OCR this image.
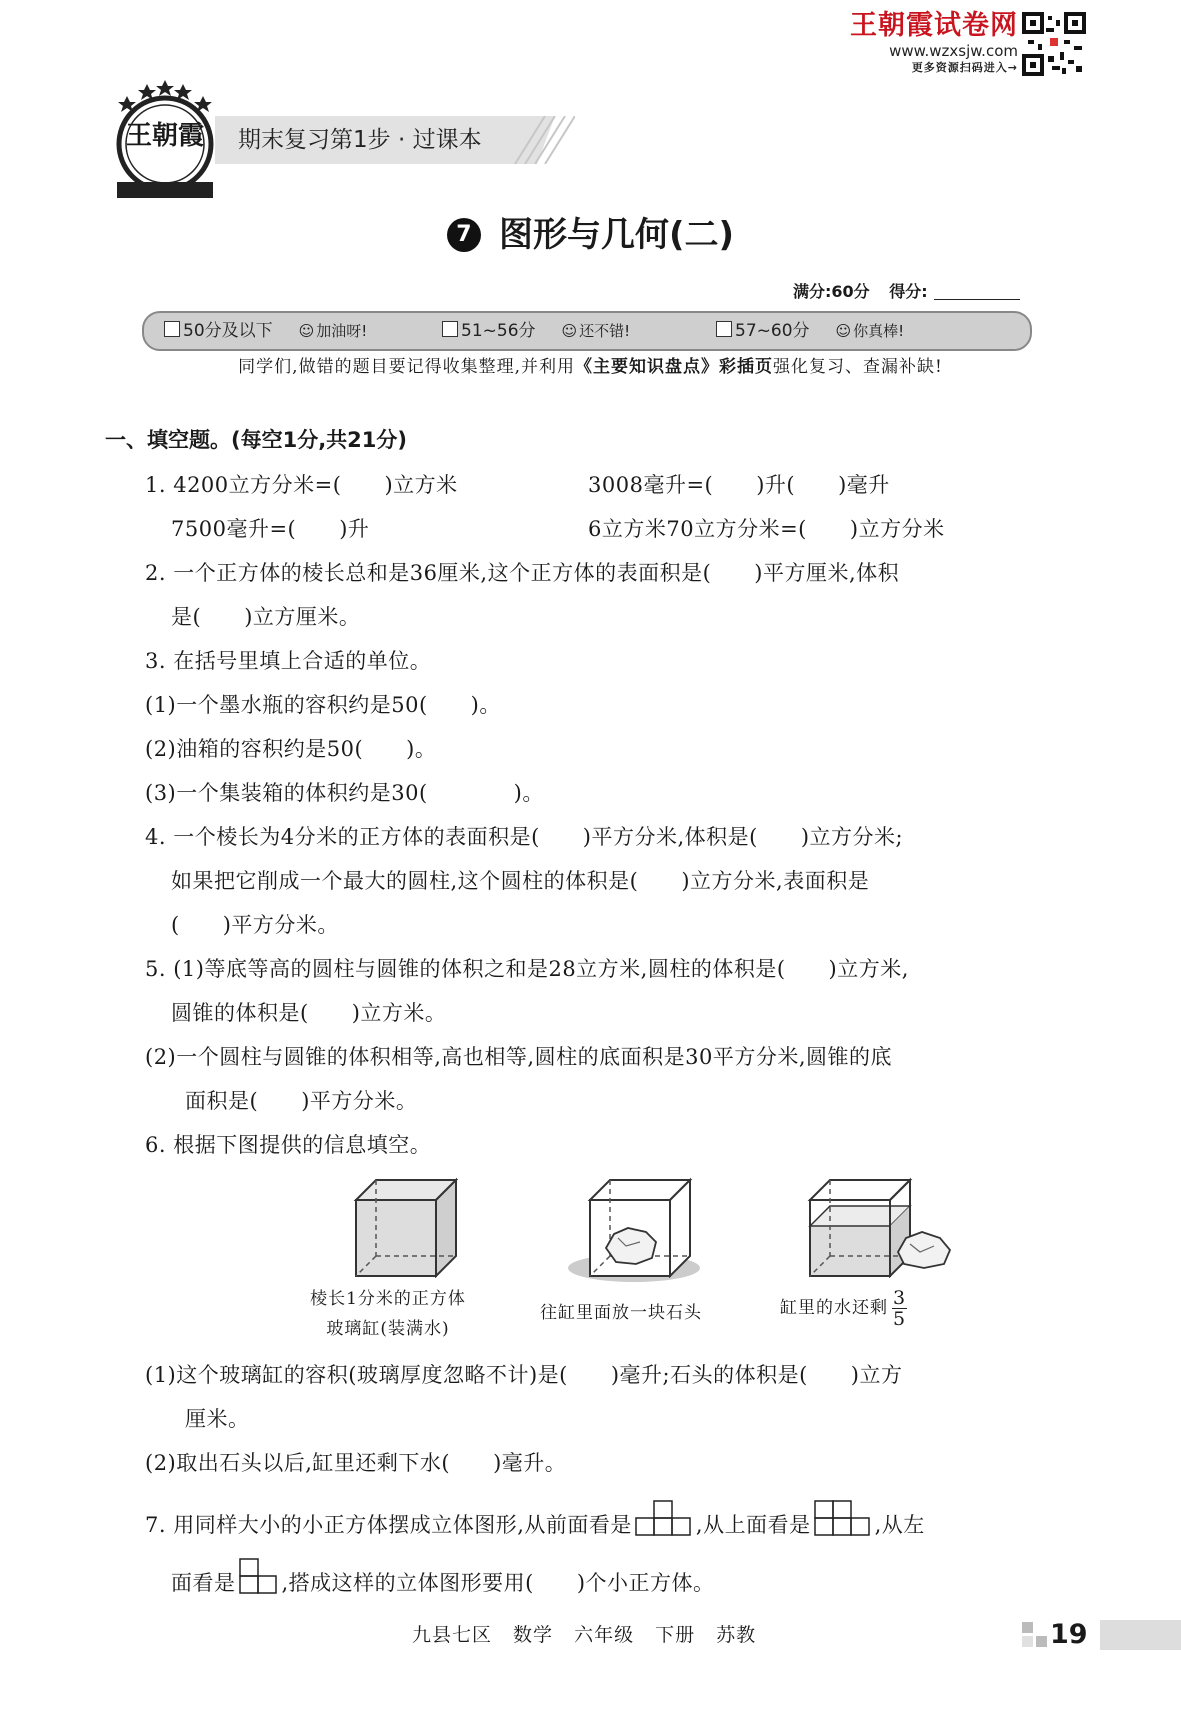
王朝霞试卷网
www.wzxsjw.com
更多资源扫码进入→
王朝霞 期末复习第1步 · 过课本
7 图形与几何(二)
满分:60分 得分:
50分及以下	☺ 加油呀!	51~56分	☺ 还不错!	57~60分	☺ 你真棒!
同学们,做错的题目要记得收集整理,并利用《主要知识盘点》彩插页强化复习、查漏补缺!
一、填空题。(每空1分,共21分)
1. 4200立方分米=(　　)立方米	3008毫升=(　　)升(　　)毫升
7500毫升=(　　)升	6立方米70立方分米=(　　)立方分米
2. 一个正方体的棱长总和是36厘米,这个正方体的表面积是(　　)平方厘米,体积
是(　　)立方厘米。
3. 在括号里填上合适的单位。
(1)一个墨水瓶的容积约是50(　　)。
(2)油箱的容积约是50(　　)。
(3)一个集装箱的体积约是30(　　　　)。
4. 一个棱长为4分米的正方体的表面积是(　　)平方分米,体积是(　　)立方分米;
如果把它削成一个最大的圆柱,这个圆柱的体积是(　　)立方分米,表面积是
(　　)平方分米。
5. (1)等底等高的圆柱与圆锥的体积之和是28立方米,圆柱的体积是(　　)立方米,
圆锥的体积是(　　)立方米。
(2)一个圆柱与圆锥的体积相等,高也相等,圆柱的底面积是30平方分米,圆锥的底
面积是(　　)平方分米。
6. 根据下图提供的信息填空。
棱长1分米的正方体
玻璃缸(装满水)
往缸里面放一块石头	缸里的水还剩 $\frac{3}{5}$
(1)这个玻璃缸的容积(玻璃厚度忽略不计)是(　　)毫升;石头的体积是(　　)立方
厘米。
(2)取出石头以后,缸里还剩下水(　　)毫升。
7. 用同样大小的小正方体摆成立体图形,从前面看是	,从上面看是	,从左
面看是 ,搭成这样的立体图形要用(　　)个小正方体。
九县七区 数学 六年级 下册 苏教	19
